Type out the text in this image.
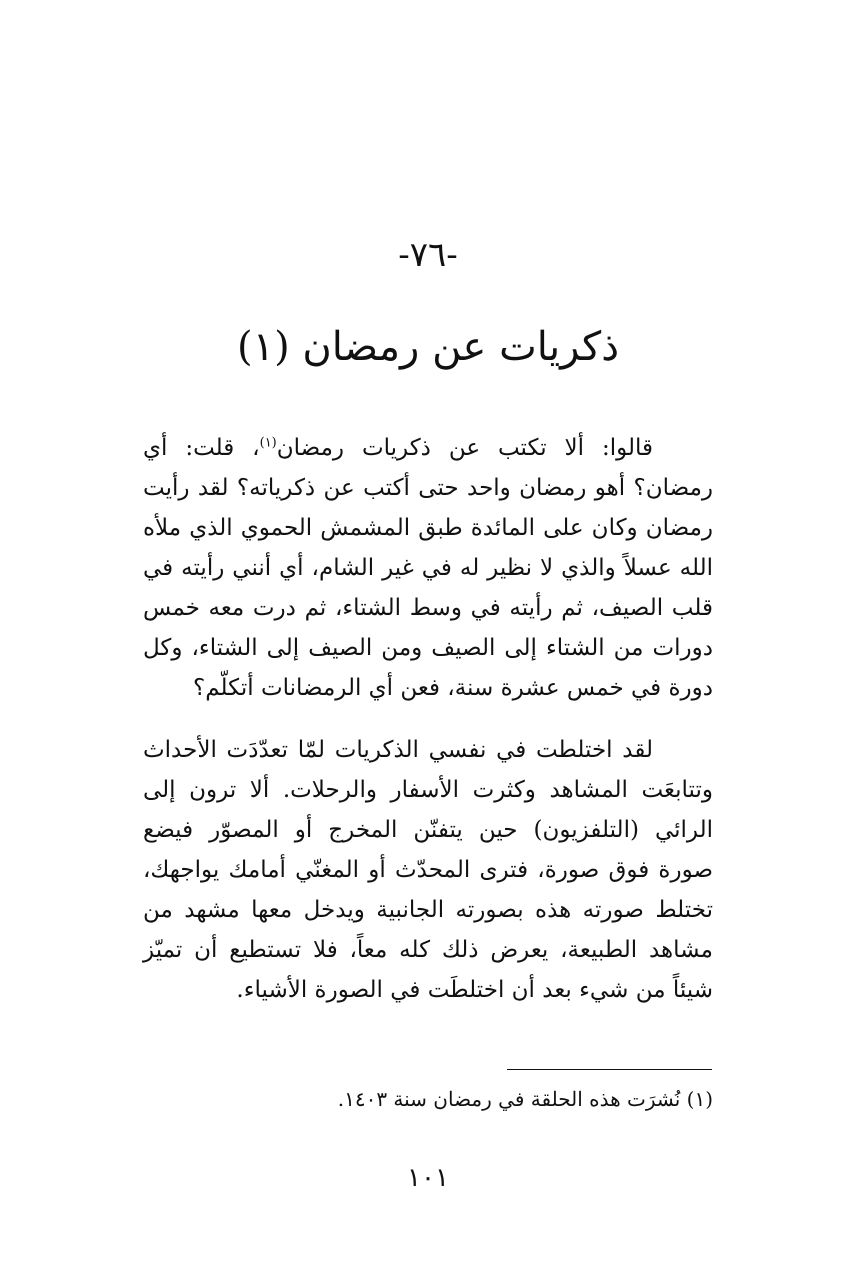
-٧٦-
ذكريات عن رمضان (١)

قالوا: ألا تكتب عن ذكريات رمضان$^{(١)}$، قلت: أي رمضان؟ أهو رمضان واحد حتى أكتب عن ذكرياته؟ لقد رأيت رمضان وكان على المائدة طبق المشمش الحموي الذي ملأه الله عسلاً والذي لا نظير له في غير الشام، أي أنني رأيته في قلب الصيف، ثم رأيته في وسط الشتاء، ثم درت معه خمس دورات من الشتاء إلى الصيف ومن الصيف إلى الشتاء، وكل دورة في خمس عشرة سنة، فعن أي الرمضانات أتكلّم؟

لقد اختلطت في نفسي الذكريات لمّا تعدّدَت الأحداث وتتابعَت المشاهد وكثرت الأسفار والرحلات. ألا ترون إلى الرائي (التلفزيون) حين يتفنّن المخرج أو المصوّر فيضع صورة فوق صورة، فترى المحدّث أو المغنّي أمامك يواجهك، تختلط صورته هذه بصورته الجانبية ويدخل معها مشهد من مشاهد الطبيعة، يعرض ذلك كله معاً، فلا تستطيع أن تميّز شيئاً من شيء بعد أن اختلطَت في الصورة الأشياء.

(١) نُشرَت هذه الحلقة في رمضان سنة ١٤٠٣.
١٠١
